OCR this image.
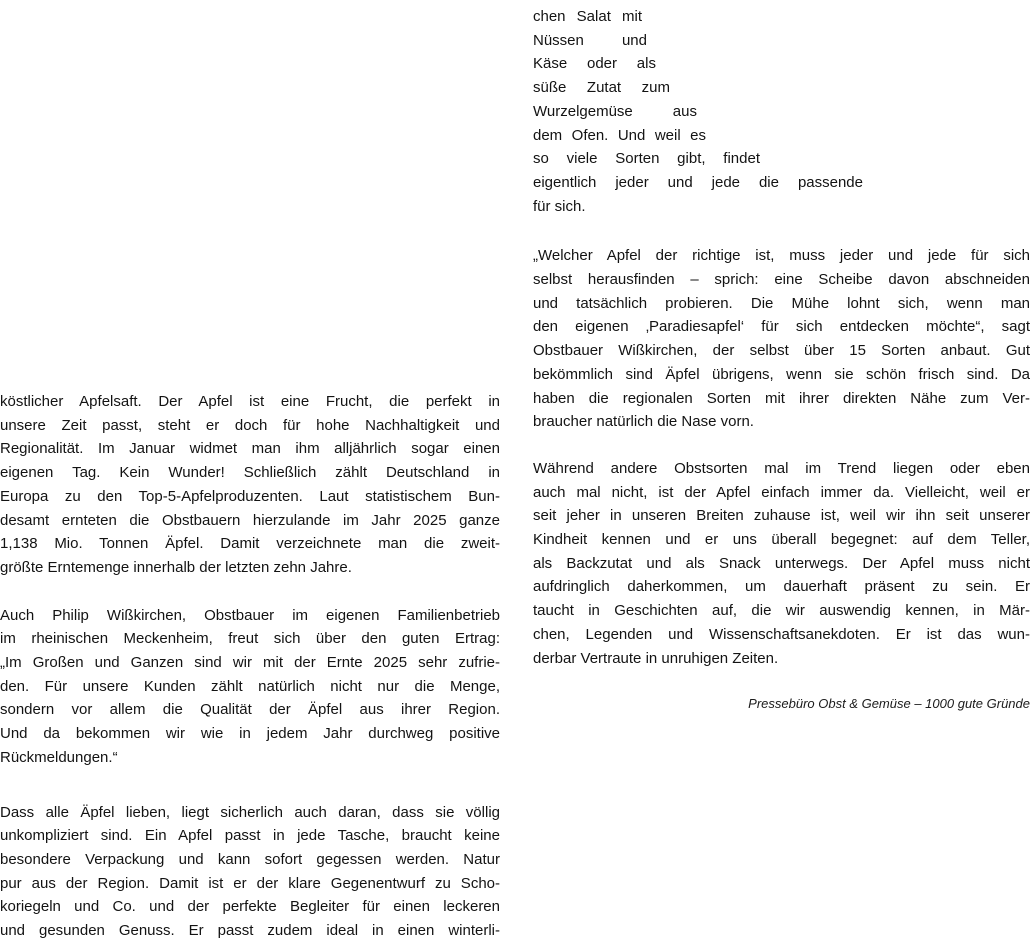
köstlicher Apfelsaft. Der Apfel ist eine Frucht, die perfekt in
unsere Zeit passt, steht er doch für hohe Nachhaltigkeit und
Regionalität. Im Januar widmet man ihm alljährlich sogar einen
eigenen Tag. Kein Wunder! Schließlich zählt Deutschland in
Europa zu den Top-5-Apfelproduzenten. Laut statistischem Bun-
desamt ernteten die Obstbauern hierzulande im Jahr 2025 ganze
1,138 Mio. Tonnen Äpfel. Damit verzeichnete man die zweit-
größte Erntemenge innerhalb der letzten zehn Jahre.
Auch Philip Wißkirchen, Obstbauer im eigenen Familienbetrieb
im rheinischen Meckenheim, freut sich über den guten Ertrag:
„Im Großen und Ganzen sind wir mit der Ernte 2025 sehr zufrie-
den. Für unsere Kunden zählt natürlich nicht nur die Menge,
sondern vor allem die Qualität der Äpfel aus ihrer Region.
Und da bekommen wir wie in jedem Jahr durchweg positive
Rückmeldungen.“
Dass alle Äpfel lieben, liegt sicherlich auch daran, dass sie völlig
unkompliziert sind. Ein Apfel passt in jede Tasche, braucht keine
besondere Verpackung und kann sofort gegessen werden. Natur
pur aus der Region. Damit ist er der klare Gegenentwurf zu Scho-
koriegeln und Co. und der perfekte Begleiter für einen leckeren
und gesunden Genuss. Er passt zudem ideal in einen winterli-
chen Salat mit
Nüssen und
Käse oder als
süße Zutat zum
Wurzelgemüse aus
dem Ofen. Und weil es
so viele Sorten gibt, findet
eigentlich jeder und jede die passende
für sich.
„Welcher Apfel der richtige ist, muss jeder und jede für sich
selbst herausfinden – sprich: eine Scheibe davon abschneiden
und tatsächlich probieren. Die Mühe lohnt sich, wenn man
den eigenen ‚Paradiesapfel‘ für sich entdecken möchte“, sagt
Obstbauer Wißkirchen, der selbst über 15 Sorten anbaut. Gut
bekömmlich sind Äpfel übrigens, wenn sie schön frisch sind. Da
haben die regionalen Sorten mit ihrer direkten Nähe zum Ver-
braucher natürlich die Nase vorn.
Während andere Obstsorten mal im Trend liegen oder eben
auch mal nicht, ist der Apfel einfach immer da. Vielleicht, weil er
seit jeher in unseren Breiten zuhause ist, weil wir ihn seit unserer
Kindheit kennen und er uns überall begegnet: auf dem Teller,
als Backzutat und als Snack unterwegs. Der Apfel muss nicht
aufdringlich daherkommen, um dauerhaft präsent zu sein. Er
taucht in Geschichten auf, die wir auswendig kennen, in Mär-
chen, Legenden und Wissenschaftsanekdoten. Er ist das wun-
derbar Vertraute in unruhigen Zeiten.
Pressebüro Obst & Gemüse – 1000 gute Gründe
